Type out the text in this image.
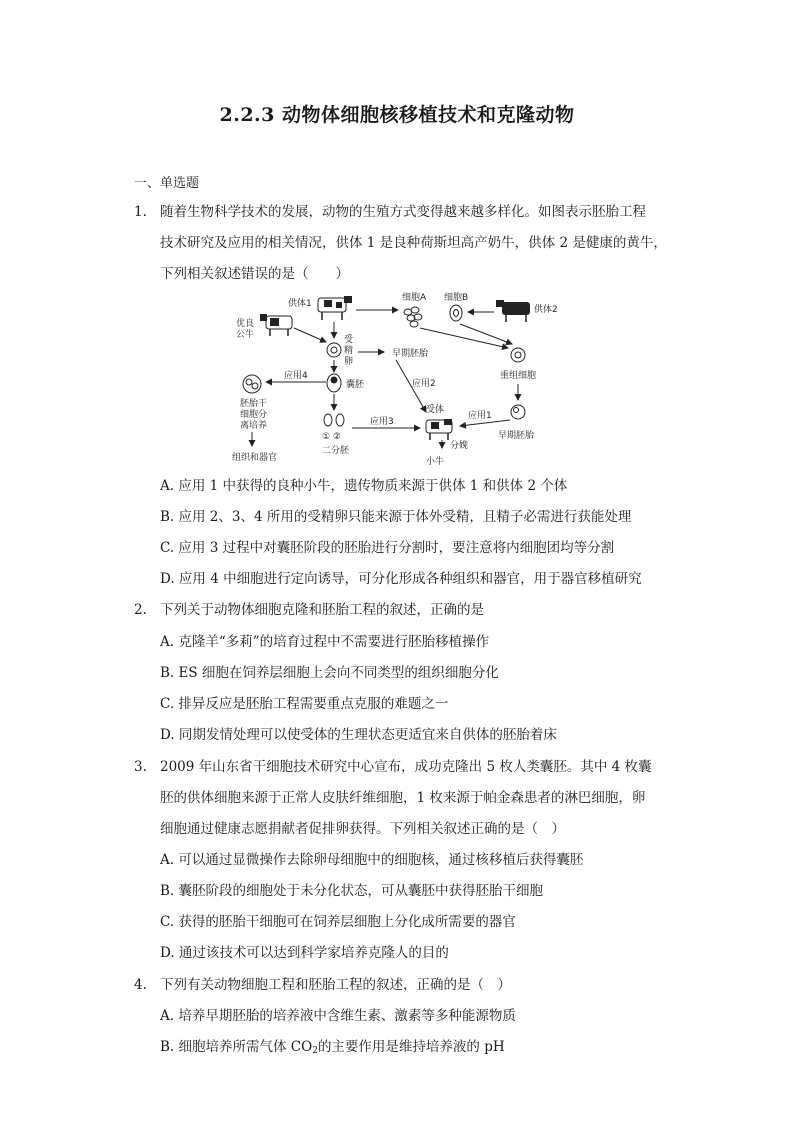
2.2.3 动物体细胞核移植技术和克隆动物
一、单选题
1. 随着生物科学技术的发展，动物的生殖方式变得越来越多样化。如图表示胚胎工程
技术研究及应用的相关情况，供体 1 是良种荷斯坦高产奶牛，供体 2 是健康的黄牛，
下列相关叙述错误的是（　　）
供体1
优良
公牛
细胞A 细胞B
供体2
受
精
卵
早期胚胎
囊胚
应用4
胚胎干
细胞分
离培养
组织和器官
① ②
二分胚
应用3
应用2
受体
分娩
小牛
重组细胞
早期胚胎
应用1
A. 应用 1 中获得的良种小牛，遗传物质来源于供体 1 和供体 2 个体
B. 应用 2、3、4 所用的受精卵只能来源于体外受精，且精子必需进行获能处理
C. 应用 3 过程中对囊胚阶段的胚胎进行分割时，要注意将内细胞团均等分割
D. 应用 4 中细胞进行定向诱导，可分化形成各种组织和器官，用于器官移植研究
2. 下列关于动物体细胞克隆和胚胎工程的叙述，正确的是
A. 克隆羊“多莉”的培育过程中不需要进行胚胎移植操作
B. ES 细胞在饲养层细胞上会向不同类型的组织细胞分化
C. 排异反应是胚胎工程需要重点克服的难题之一
D. 同期发情处理可以使受体的生理状态更适宜来自供体的胚胎着床
3. 2009 年山东省干细胞技术研究中心宣布，成功克隆出 5 枚人类囊胚。其中 4 枚囊
胚的供体细胞来源于正常人皮肤纤维细胞，1 枚来源于帕金森患者的淋巴细胞，卵
细胞通过健康志愿捐献者促排卵获得。下列相关叙述正确的是（　）
A. 可以通过显微操作去除卵母细胞中的细胞核，通过核移植后获得囊胚
B. 囊胚阶段的细胞处于未分化状态，可从囊胚中获得胚胎干细胞
C. 获得的胚胎干细胞可在饲养层细胞上分化成所需要的器官
D. 通过该技术可以达到科学家培养克隆人的目的
4. 下列有关动物细胞工程和胚胎工程的叙述，正确的是（　）
A. 培养早期胚胎的培养液中含维生素、激素等多种能源物质
B. 细胞培养所需气体 $CO_2$的主要作用是维持培养液的 pH
